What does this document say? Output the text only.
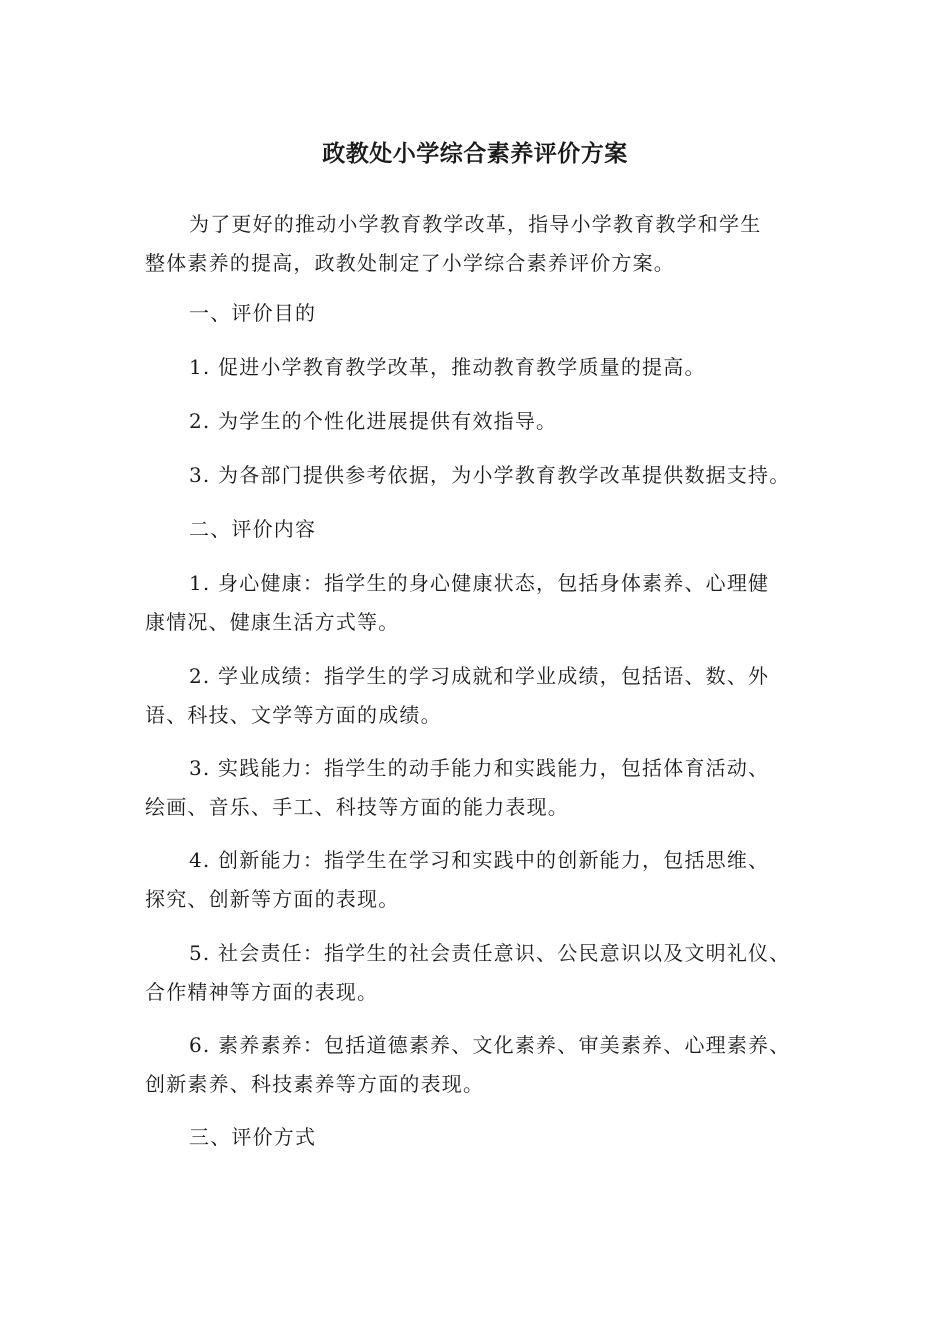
政教处小学综合素养评价方案
为了更好的推动小学教育教学改革，指导小学教育教学和学生
整体素养的提高，政教处制定了小学综合素养评价方案。
一、评价目的
1. 促进小学教育教学改革，推动教育教学质量的提高。
2. 为学生的个性化进展提供有效指导。
3. 为各部门提供参考依据，为小学教育教学改革提供数据支持。
二、评价内容
1. 身心健康：指学生的身心健康状态，包括身体素养、心理健
康情况、健康生活方式等。
2. 学业成绩：指学生的学习成就和学业成绩，包括语、数、外
语、科技、文学等方面的成绩。
3. 实践能力：指学生的动手能力和实践能力，包括体育活动、
绘画、音乐、手工、科技等方面的能力表现。
4. 创新能力：指学生在学习和实践中的创新能力，包括思维、
探究、创新等方面的表现。
5. 社会责任：指学生的社会责任意识、公民意识以及文明礼仪、
合作精神等方面的表现。
6. 素养素养：包括道德素养、文化素养、审美素养、心理素养、
创新素养、科技素养等方面的表现。
三、评价方式
